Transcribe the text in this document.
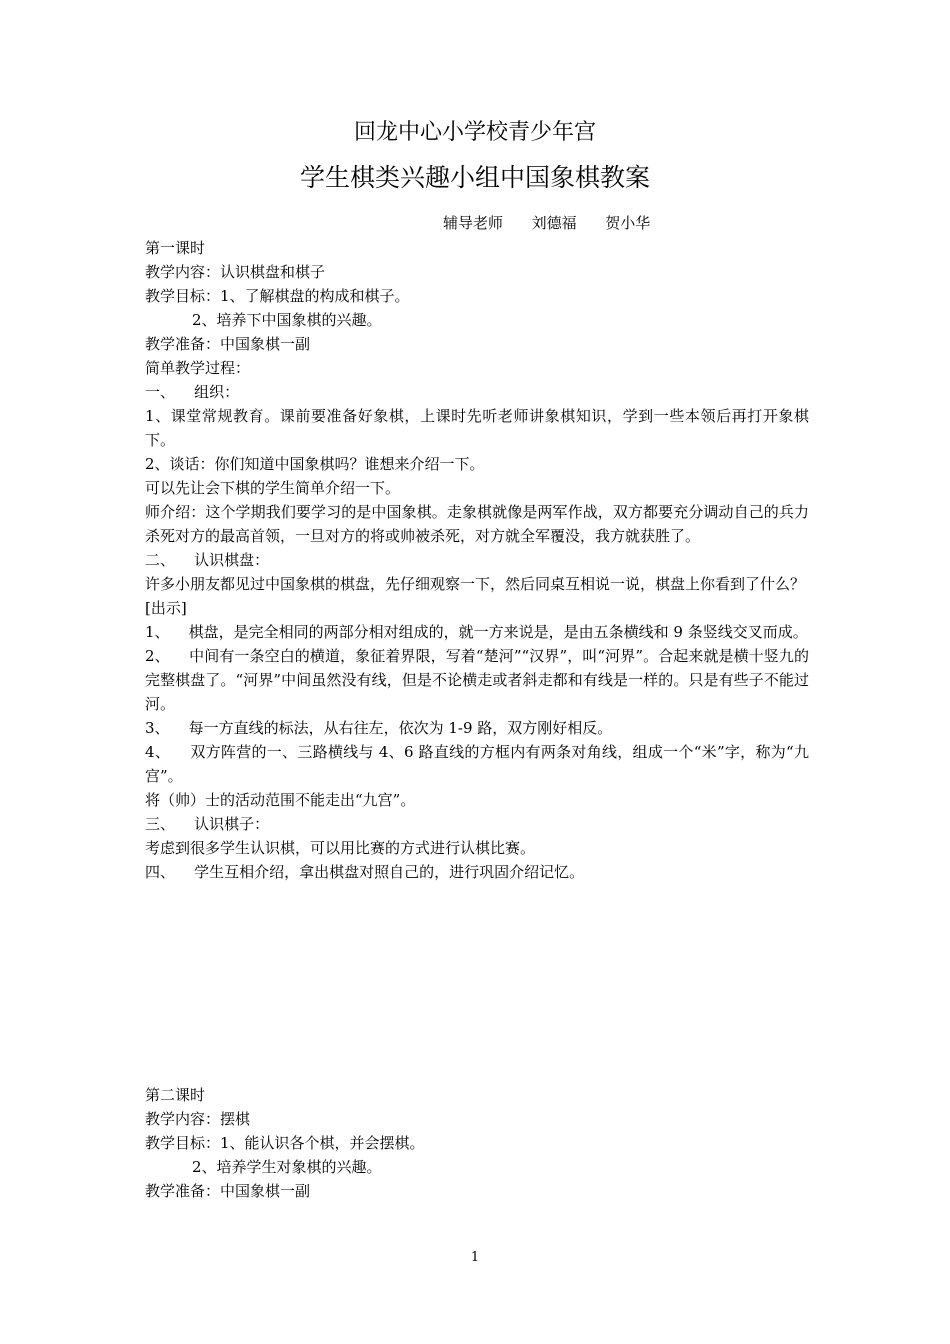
回龙中心小学校青少年宫
学生棋类兴趣小组中国象棋教案
辅导老师      刘德福      贺小华

第一课时

教学内容：认识棋盘和棋子

教学目标：1、了解棋盘的构成和棋子。

2、培养下中国象棋的兴趣。

教学准备：中国象棋一副

简单教学过程：

一、    组织：

1、课堂常规教育。课前要准备好象棋，上课时先听老师讲象棋知识，学到一些本领后再打开象棋下。

2、谈话：你们知道中国象棋吗？谁想来介绍一下。

可以先让会下棋的学生简单介绍一下。

师介绍：这个学期我们要学习的是中国象棋。走象棋就像是两军作战，双方都要充分调动自己的兵力杀死对方的最高首领，一旦对方的将或帅被杀死，对方就全军覆没，我方就获胜了。

二、    认识棋盘：

许多小朋友都见过中国象棋的棋盘，先仔细观察一下，然后同桌互相说一说，棋盘上你看到了什么？

[出示]

1、    棋盘，是完全相同的两部分相对组成的，就一方来说是，是由五条横线和 9 条竖线交叉而成。

2、    中间有一条空白的横道，象征着界限，写着“楚河”“汉界”，叫“河界”。合起来就是横十竖九的完整棋盘了。“河界”中间虽然没有线，但是不论横走或者斜走都和有线是一样的。只是有些子不能过河。

3、    每一方直线的标法，从右往左，依次为 1-9 路，双方刚好相反。

4、    双方阵营的一、三路横线与 4、6 路直线的方框内有两条对角线，组成一个“米”字，称为“九宫”。

将（帅）士的活动范围不能走出“九宫”。

三、    认识棋子：

考虑到很多学生认识棋，可以用比赛的方式进行认棋比赛。

四、    学生互相介绍，拿出棋盘对照自己的，进行巩固介绍记忆。

第二课时

教学内容：摆棋

教学目标：1、能认识各个棋，并会摆棋。

2、培养学生对象棋的兴趣。

教学准备：中国象棋一副

1
